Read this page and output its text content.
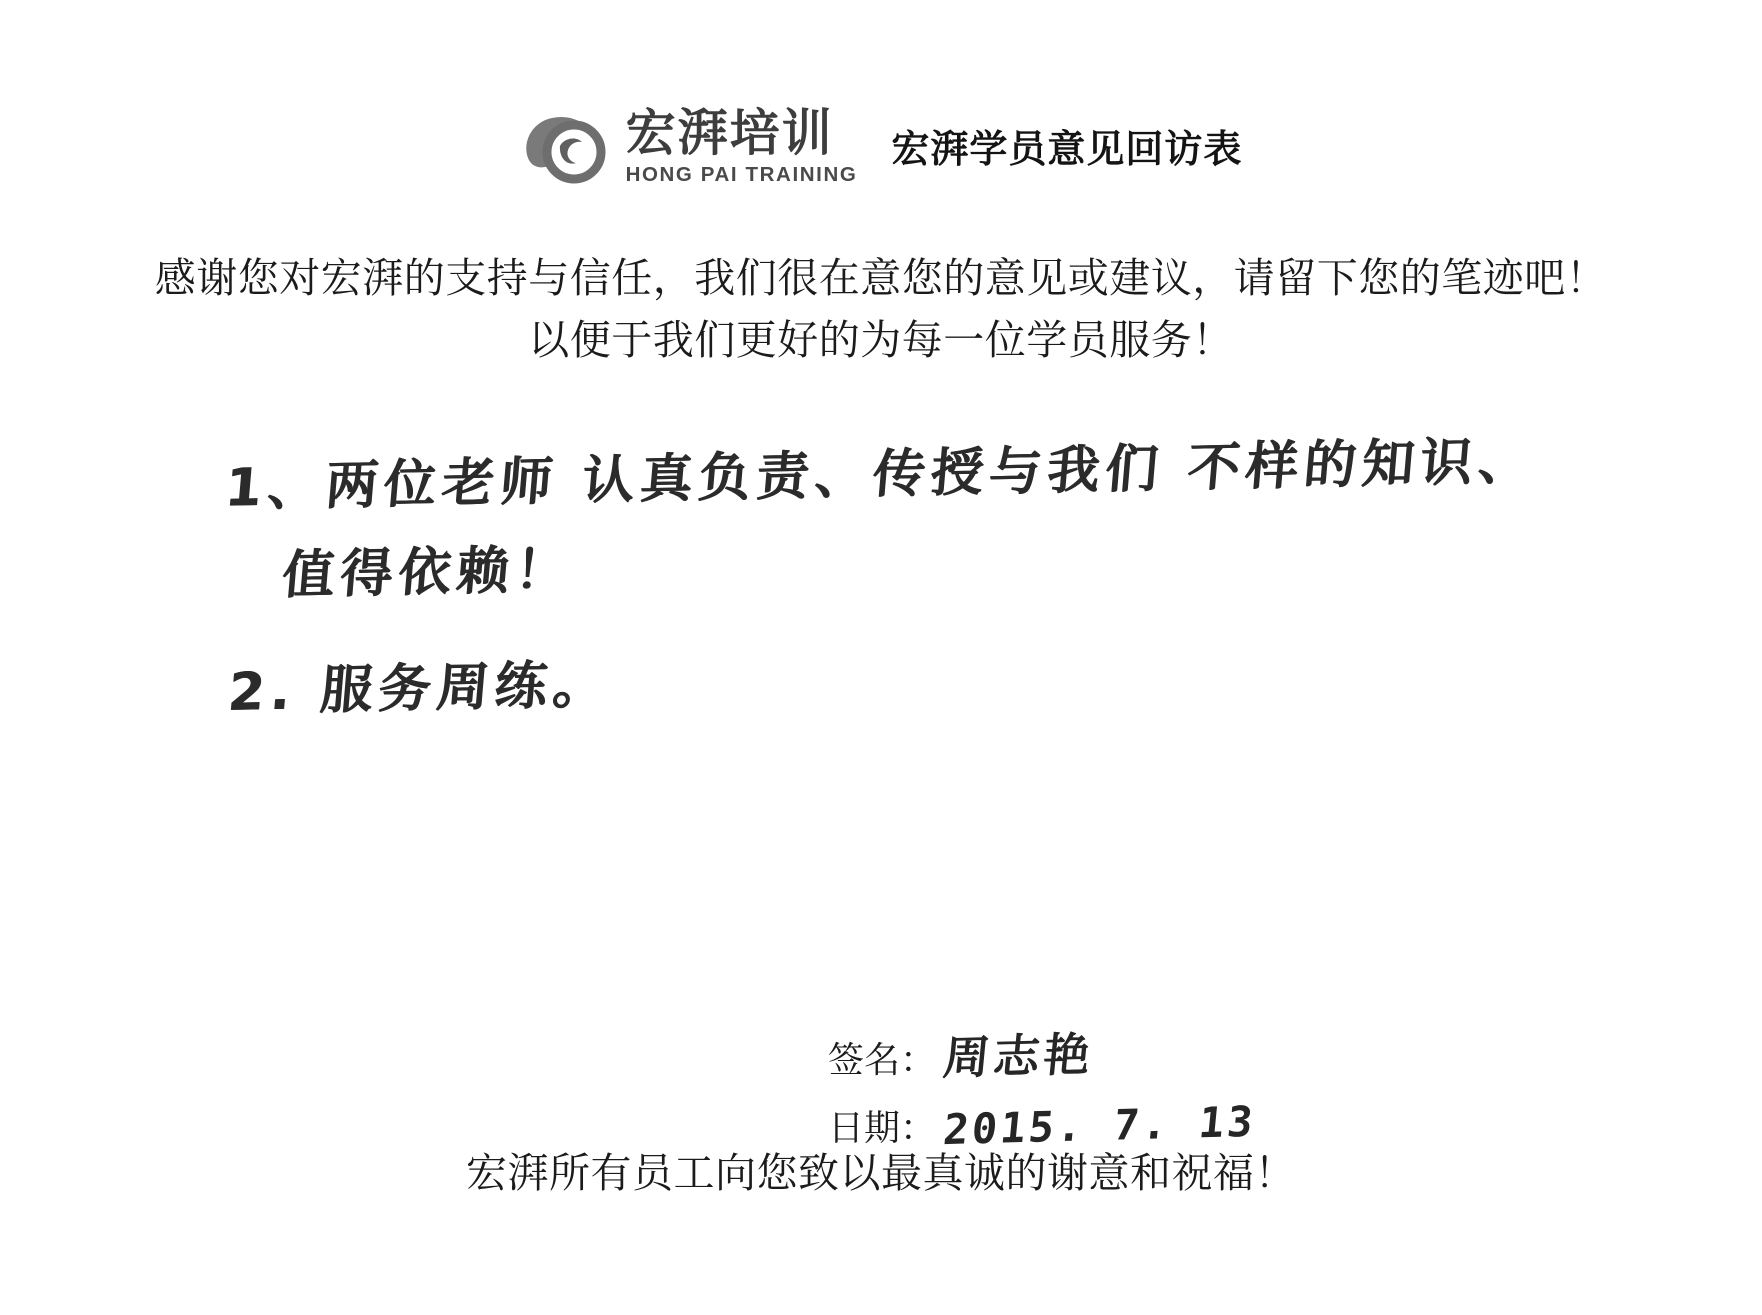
宏湃培训
HONG PAI TRAINING
宏湃学员意见回访表
感谢您对宏湃的支持与信任，我们很在意您的意见或建议，请留下您的笔迹吧！以便于我们更好的为每一位学员服务！
1、两位老师 认真负责、传授与我们 不样的知识、
值得依赖！
2. 服务周练。
签名： 周志艳
日期： 2015. 7. 13
宏湃所有员工向您致以最真诚的谢意和祝福！
